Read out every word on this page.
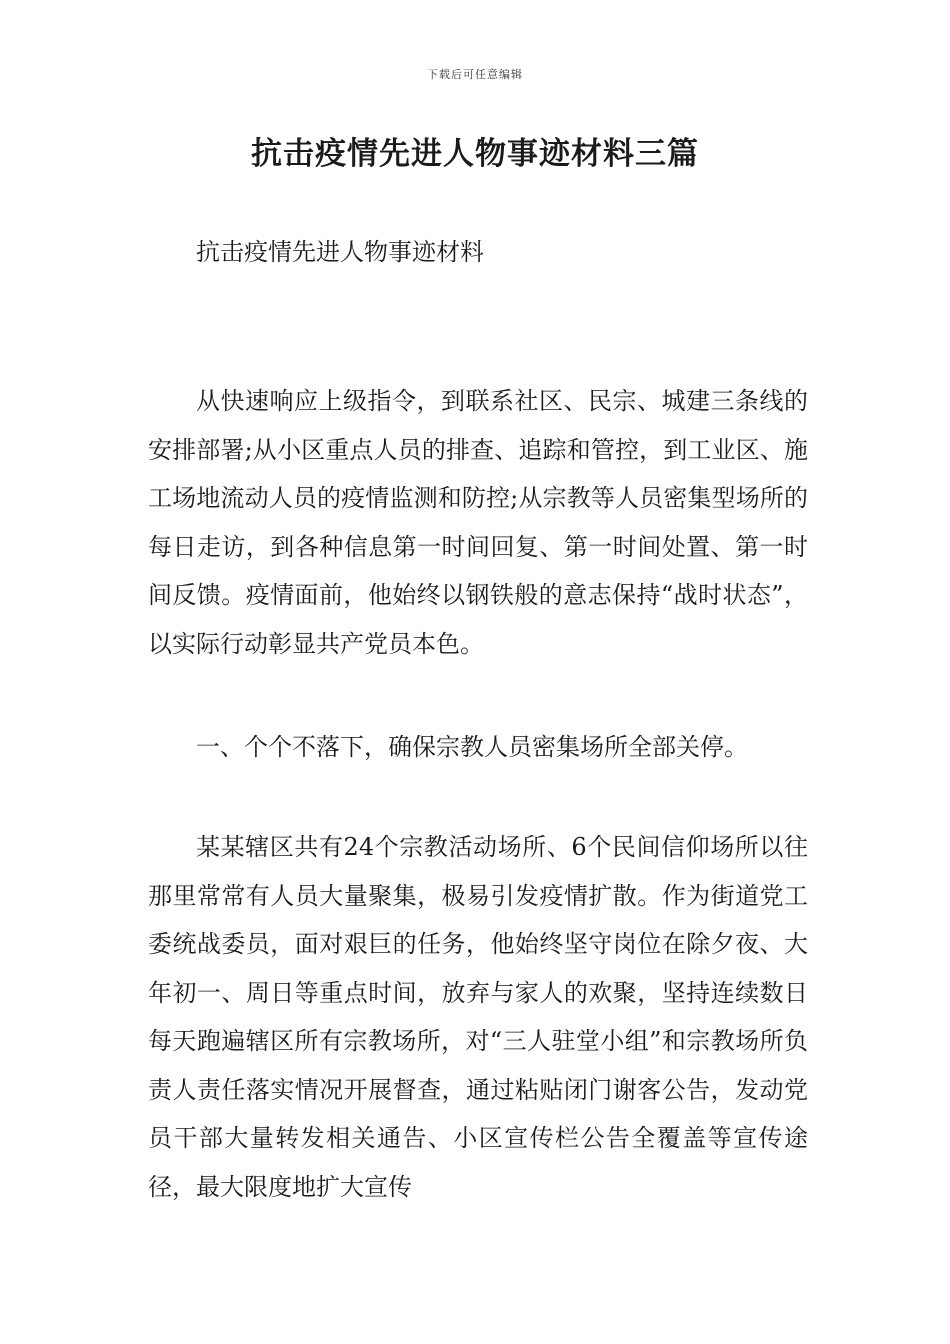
下载后可任意编辑
抗击疫情先进人物事迹材料三篇
抗击疫情先进人物事迹材料

从快速响应上级指令，到联系社区、民宗、城建三条线的安排部署;从小区重点人员的排查、追踪和管控，到工业区、施工场地流动人员的疫情监测和防控;从宗教等人员密集型场所的每日走访，到各种信息第一时间回复、第一时间处置、第一时间反馈。疫情面前，他始终以钢铁般的意志保持“战时状态”，以实际行动彰显共产党员本色。

一、个个不落下，确保宗教人员密集场所全部关停。

某某辖区共有24个宗教活动场所、6个民间信仰场所以往那里常常有人员大量聚集，极易引发疫情扩散。作为街道党工委统战委员，面对艰巨的任务，他始终坚守岗位在除夕夜、大年初一、周日等重点时间，放弃与家人的欢聚，坚持连续数日每天跑遍辖区所有宗教场所，对“三人驻堂小组”和宗教场所负责人责任落实情况开展督查，通过粘贴闭门谢客公告，发动党员干部大量转发相关通告、小区宣传栏公告全覆盖等宣传途径，最大限度地扩大宣传
